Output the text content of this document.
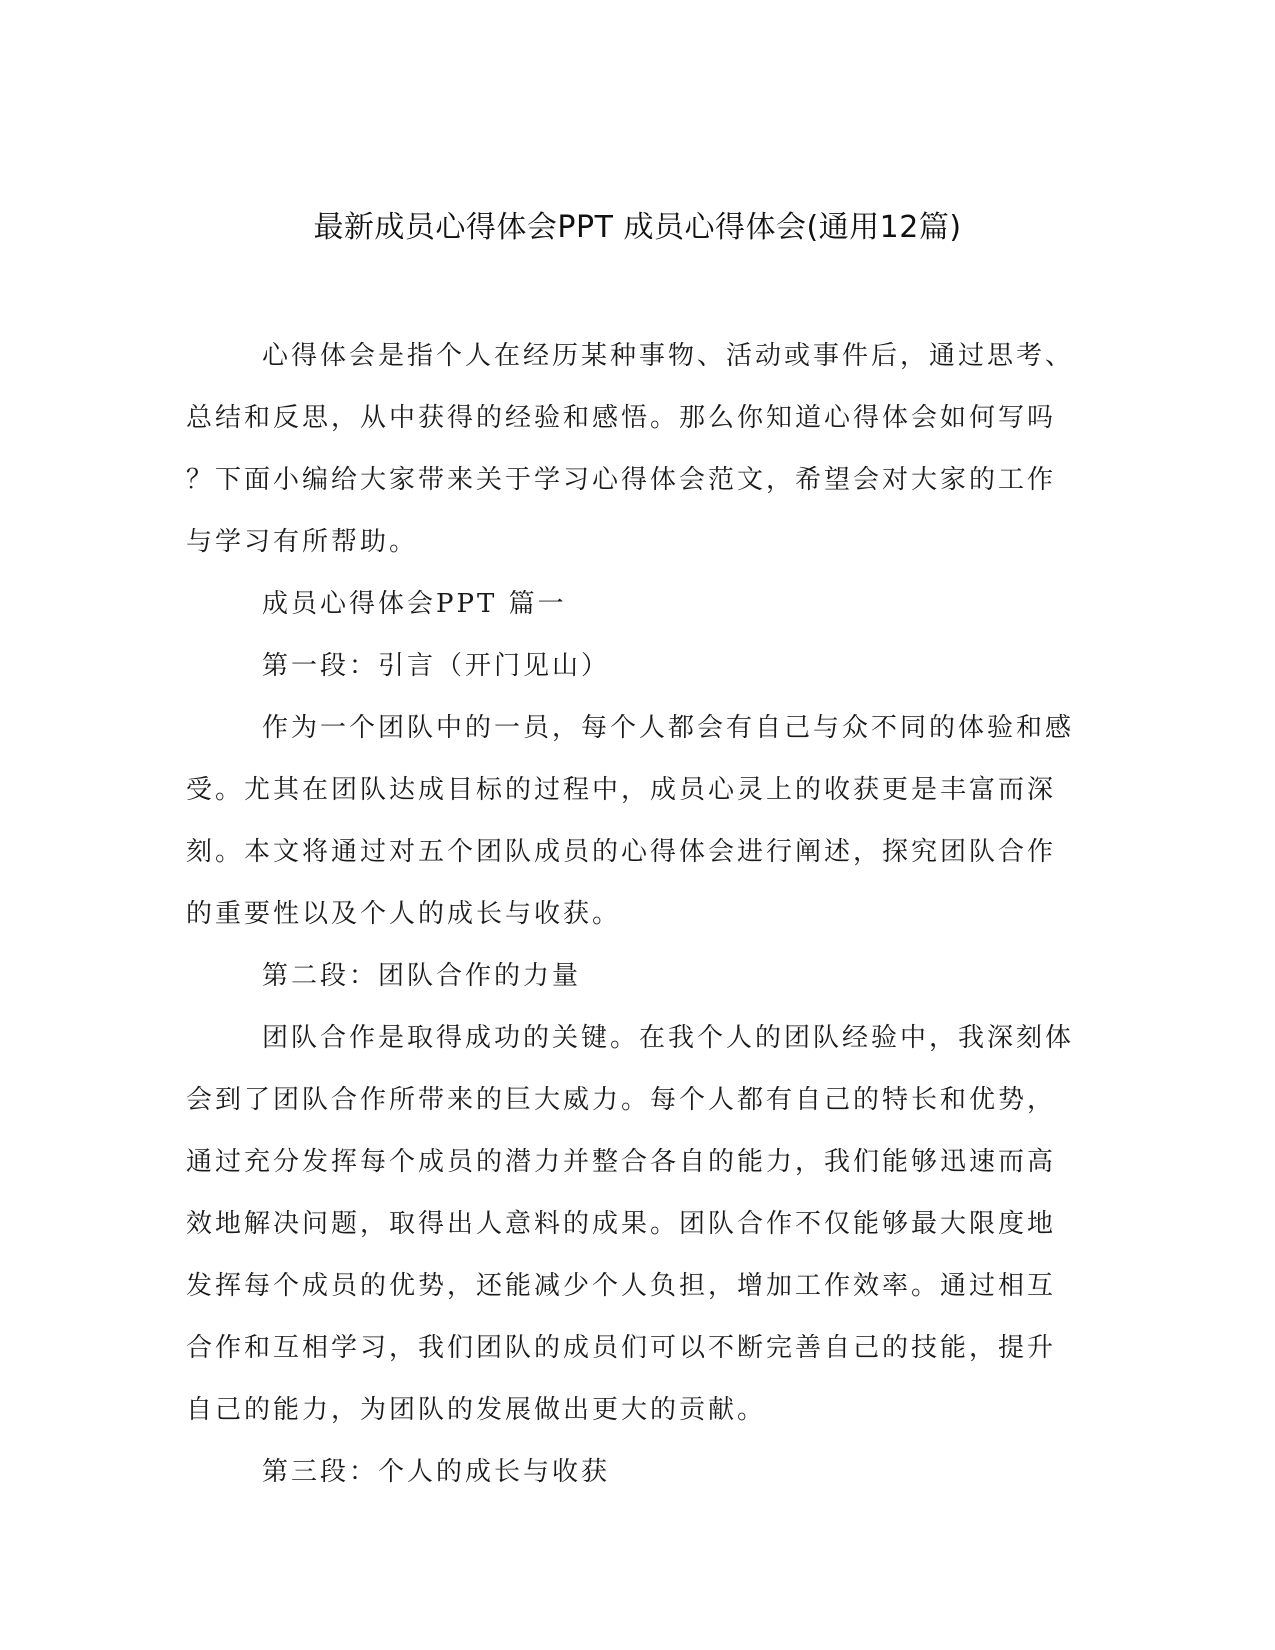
最新成员心得体会PPT 成员心得体会(通用12篇)

心得体会是指个人在经历某种事物、活动或事件后，通过思考、

总结和反思，从中获得的经验和感悟。那么你知道心得体会如何写吗

？下面小编给大家带来关于学习心得体会范文，希望会对大家的工作

与学习有所帮助。

成员心得体会PPT 篇一

第一段：引言（开门见山）

作为一个团队中的一员，每个人都会有自己与众不同的体验和感

受。尤其在团队达成目标的过程中，成员心灵上的收获更是丰富而深

刻。本文将通过对五个团队成员的心得体会进行阐述，探究团队合作

的重要性以及个人的成长与收获。

第二段：团队合作的力量

团队合作是取得成功的关键。在我个人的团队经验中，我深刻体

会到了团队合作所带来的巨大威力。每个人都有自己的特长和优势，

通过充分发挥每个成员的潜力并整合各自的能力，我们能够迅速而高

效地解决问题，取得出人意料的成果。团队合作不仅能够最大限度地

发挥每个成员的优势，还能减少个人负担，增加工作效率。通过相互

合作和互相学习，我们团队的成员们可以不断完善自己的技能，提升

自己的能力，为团队的发展做出更大的贡献。

第三段：个人的成长与收获
